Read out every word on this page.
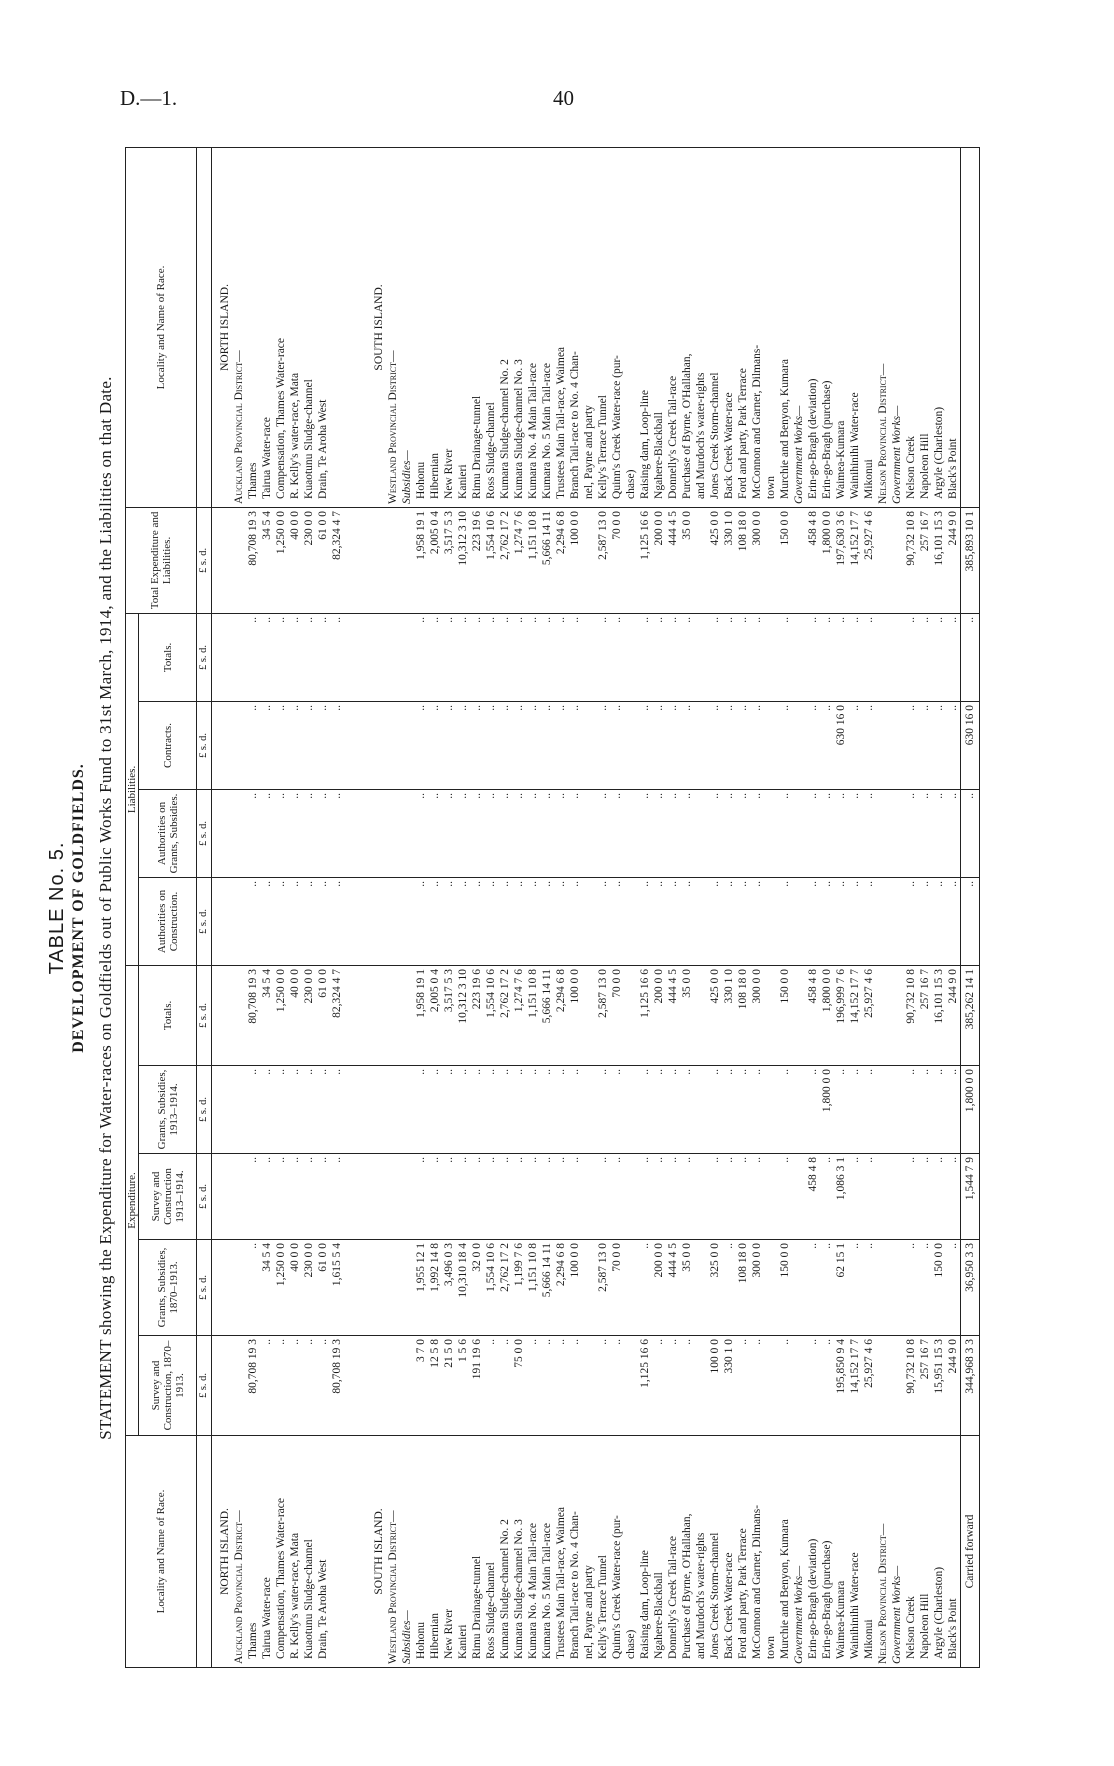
D.—1.	40
TABLE No. 5. DEVELOPMENT OF GOLDFIELDS. STATEMENT showing the Expenditure for Water-races on Goldfields out of Public Works Fund to 31st March, 1914, and the Liabilities on that Date.
Locality and Name of Race.	Expenditure.					Liabilities.				Total Expenditure and Liabilities.	Locality and Name of Race.
	Survey and Construction, 1870–1913.	Grants, Subsidies, 1870–1913.	Survey and Construction 1913–1914.	Grants, Subsidies, 1913–1914.	Totals.	Authorities on Construction.	Authorities on Grants, Subsidies.	Contracts.	Totals.		
	£ s. d.	£ s. d.	£ s. d.	£ s. d.	£ s. d.	£ s. d.	£ s. d.	£ s. d.	£ s. d.	£ s. d.	
NORTH ISLAND.											NORTH ISLAND.
Auckland Provincial District—											Auckland Provincial District—
Thames	80,708 19 3	..	..	..	80,708 19 3	..	..	..	..	80,708 19 3	Thames
Tairua Water-race	..	34 5 4	..	..	34 5 4	..	..	..	..	34 5 4	Tairua Water-race
Compensation, Thames Water-race	..	1,250 0 0	..	..	1,250 0 0	..	..	..	..	1,250 0 0	Compensation, Thames Water-race
R. Kelly's water-race, Mata	..	40 0 0	..	..	40 0 0	..	..	..	..	40 0 0	R. Kelly's water-race, Mata
Kuaotunu Sludge-channel	..	230 0 0	..	..	230 0 0	..	..	..	..	230 0 0	Kuaotunu Sludge-channel
Drain, Te Aroha West	..	61 0 0	..	..	61 0 0	..	..	..	..	61 0 0	Drain, Te Aroha West
	80,708 19 3	1,615 5 4	..	..	82,324 4 7	..	..	..	..	82,324 4 7	

SOUTH ISLAND.											SOUTH ISLAND.
Westland Provincial District—											Westland Provincial District—
Subsidies—											Subsidies—
Hohonu	3 7 0	1,955 12 1	..	..	1,958 19 1	..	..	..	..	1,958 19 1	Hohonu
Hibernian	12 5 8	1,992 14 8	..	..	2,005 0 4	..	..	..	..	2,005 0 4	Hibernian
New River	21 5 0	3,496 0 3	..	..	3,517 5 3	..	..	..	..	3,517 5 3	New River
Kanieri	1 5 6	10,310 18 4	..	..	10,312 3 10	..	..	..	..	10,312 3 10	Kanieri
Rimu Drainage-tunnel	191 19 6	32 0 0	..	..	223 19 6	..	..	..	..	223 19 6	Rimu Drainage-tunnel
Ross Sludge-channel	..	1,554 10 6	..	..	1,554 10 6	..	..	..	..	1,554 10 6	Ross Sludge-channel
Kumara Sludge-channel No. 2	..	2,762 17 2	..	..	2,762 17 2	..	..	..	..	2,762 17 2	Kumara Sludge-channel No. 2
Kumara Sludge-channel No. 3	75 0 0	1,199 7 6	..	..	1,274 7 6	..	..	..	..	1,274 7 6	Kumara Sludge-channel No. 3
Kumara No. 4 Main Tail-race	..	1,151 10 8	..	..	1,151 10 8	..	..	..	..	1,151 10 8	Kumara No. 4 Main Tail-race
Kumara No. 5 Main Tail-race	..	5,666 14 11	..	..	5,666 14 11	..	..	..	..	5,666 14 11	Kumara No. 5 Main Tail-race
Trustees Main Tail-race, Waimea	..	2,294 6 8	..	..	2,294 6 8	..	..	..	..	2,294 6 8	Trustees Main Tail-race, Waimea
Branch Tail-race to No. 4 Chan-	..	100 0 0	..	..	100 0 0	..	..	..	..	100 0 0	Branch Tail-race to No. 4 Chan-
nel, Payne and party											nel, Payne and party
Kelly's Terrace Tunnel	..	2,587 13 0	..	..	2,587 13 0	..	..	..	..	2,587 13 0	Kelly's Terrace Tunnel
Quinn's Creek Water-race (pur-	..	70 0 0	..	..	70 0 0	..	..	..	..	70 0 0	Quinn's Creek Water-race (pur-
chase)											chase)
Raising dam, Loop-line	1,125 16 6	..	..	..	1,125 16 6	..	..	..	..	1,125 16 6	Raising dam, Loop-line
Ngahere-Blackball	..	200 0 0	..	..	200 0 0	..	..	..	..	200 0 0	Ngahere-Blackball
Donnelly's Creek Tail-race	..	444 4 5	..	..	444 4 5	..	..	..	..	444 4 5	Donnelly's Creek Tail-race
Purchase of Byrne, O'Hallahan,	..	35 0 0	..	..	35 0 0	..	..	..	..	35 0 0	Purchase of Byrne, O'Hallahan,
and Murdoch's water-rights											and Murdoch's water-rights
Jones Creek Storm-channel	100 0 0	325 0 0	..	..	425 0 0	..	..	..	..	425 0 0	Jones Creek Storm-channel
Back Creek Water-race	330 1 0	..	..	..	330 1 0	..	..	..	..	330 1 0	Back Creek Water-race
Ford and party, Park Terrace	..	108 18 0	..	..	108 18 0	..	..	..	..	108 18 0	Ford and party, Park Terrace
McConnon and Garner, Dilmans-	..	300 0 0	..	..	300 0 0	..	..	..	..	300 0 0	McConnon and Garner, Dilmans-
town											town
Murchie and Benyon, Kumara	..	150 0 0	..	..	150 0 0	..	..	..	..	150 0 0	Murchie and Benyon, Kumara
Government Works—											Government Works—
Erin-go-Bragh (deviation)	..	..	458 4 8	..	458 4 8	..	..	..	..	458 4 8	Erin-go-Bragh (deviation)
Erin-go-Bragh (purchase)	..	..	..	1,800 0 0	1,800 0 0	..	..	..	..	1,800 0 0	Erin-go-Bragh (purchase)
Waimea-Kumara	195,850 9 4	62 15 1	1,086 3 1	..	196,999 7 6	..	..	630 16 0	..	197,630 3 6	Waimea-Kumara
Wainihinihi Water-race	14,152 17 7	..	..	..	14,152 17 7	..	..	..	..	14,152 17 7	Wainihinihi Water-race
Mikonui	25,927 4 6	..	..	..	25,927 4 6	..	..	..	..	25,927 4 6	Mikonui
Nelson Provincial District—											Nelson Provincial District—
Government Works—											Government Works—
Nelson Creek	90,732 10 8	..	..	..	90,732 10 8	..	..	..	..	90,732 10 8	Nelson Creek
Napoleon Hill	257 16 7	..	..	..	257 16 7	..	..	..	..	257 16 7	Napoleon Hill
Argyle (Charleston)	15,951 15 3	150 0 0	..	..	16,101 15 3	..	..	..	..	16,101 15 3	Argyle (Charleston)
Black's Point	244 9 0	..	..	..	244 9 0	..	..	..	..	244 9 0	Black's Point
Carried forward	344,968 3 3	36,950 3 3	1,544 7 9	1,800 0 0	385,262 14 1	..	..	630 16 0	..	385,893 10 1	
